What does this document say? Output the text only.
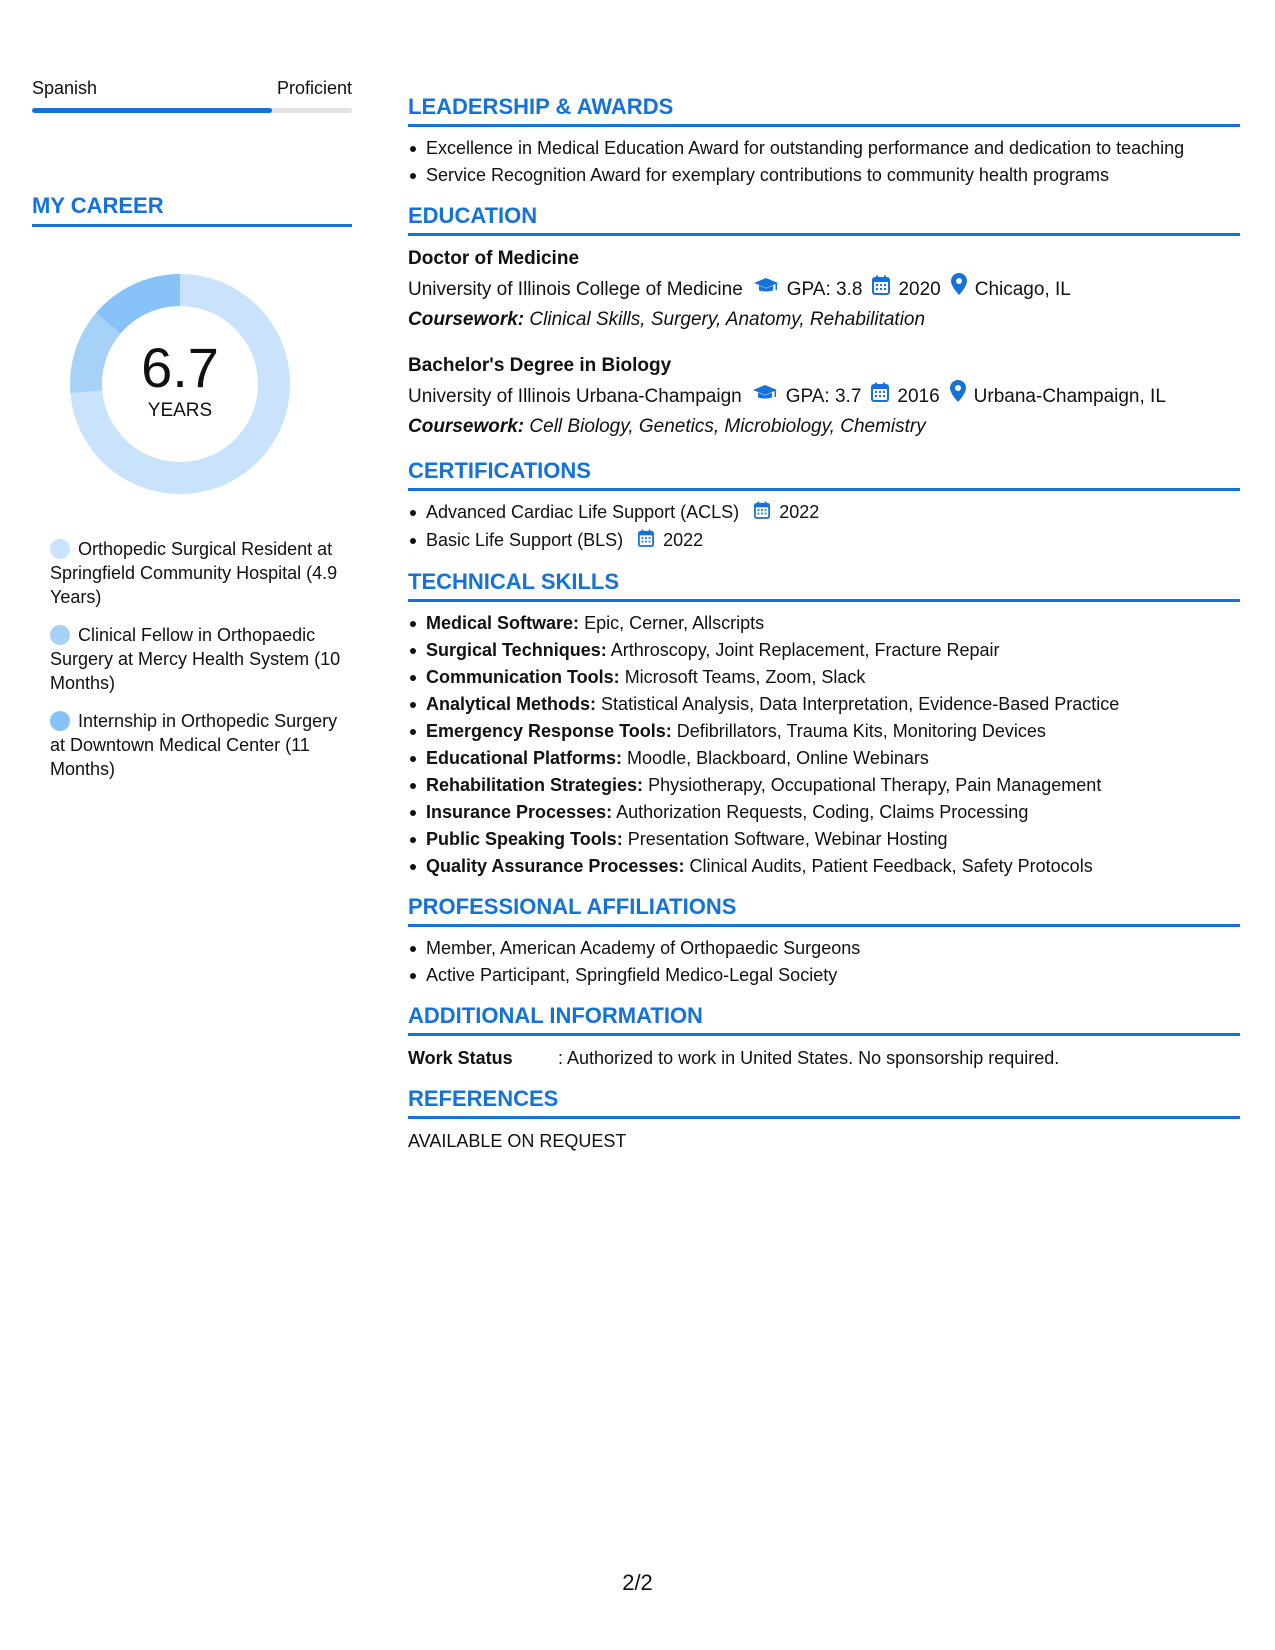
Spanish	Proficient
MY CAREER
6.7
YEARS
Orthopedic Surgical Resident at Springfield Community Hospital (4.9 Years)
Clinical Fellow in Orthopaedic Surgery at Mercy Health System (10 Months)
Internship in Orthopedic Surgery at Downtown Medical Center (11 Months)
LEADERSHIP & AWARDS
Excellence in Medical Education Award for outstanding performance and dedication to teaching
Service Recognition Award for exemplary contributions to community health programs
EDUCATION
Doctor of Medicine
University of Illinois College of Medicine GPA: 3.8 2020 Chicago, IL
Coursework: Clinical Skills, Surgery, Anatomy, Rehabilitation
Bachelor's Degree in Biology
University of Illinois Urbana-Champaign GPA: 3.7 2016 Urbana-Champaign, IL
Coursework: Cell Biology, Genetics, Microbiology, Chemistry
CERTIFICATIONS
Advanced Cardiac Life Support (ACLS) 2022
Basic Life Support (BLS) 2022
TECHNICAL SKILLS
Medical Software: Epic, Cerner, Allscripts
Surgical Techniques: Arthroscopy, Joint Replacement, Fracture Repair
Communication Tools: Microsoft Teams, Zoom, Slack
Analytical Methods: Statistical Analysis, Data Interpretation, Evidence-Based Practice
Emergency Response Tools: Defibrillators, Trauma Kits, Monitoring Devices
Educational Platforms: Moodle, Blackboard, Online Webinars
Rehabilitation Strategies: Physiotherapy, Occupational Therapy, Pain Management
Insurance Processes: Authorization Requests, Coding, Claims Processing
Public Speaking Tools: Presentation Software, Webinar Hosting
Quality Assurance Processes: Clinical Audits, Patient Feedback, Safety Protocols
PROFESSIONAL AFFILIATIONS
Member, American Academy of Orthopaedic Surgeons
Active Participant, Springfield Medico-Legal Society
ADDITIONAL INFORMATION
Work Status	: Authorized to work in United States. No sponsorship required.
REFERENCES
AVAILABLE ON REQUEST
2/2
